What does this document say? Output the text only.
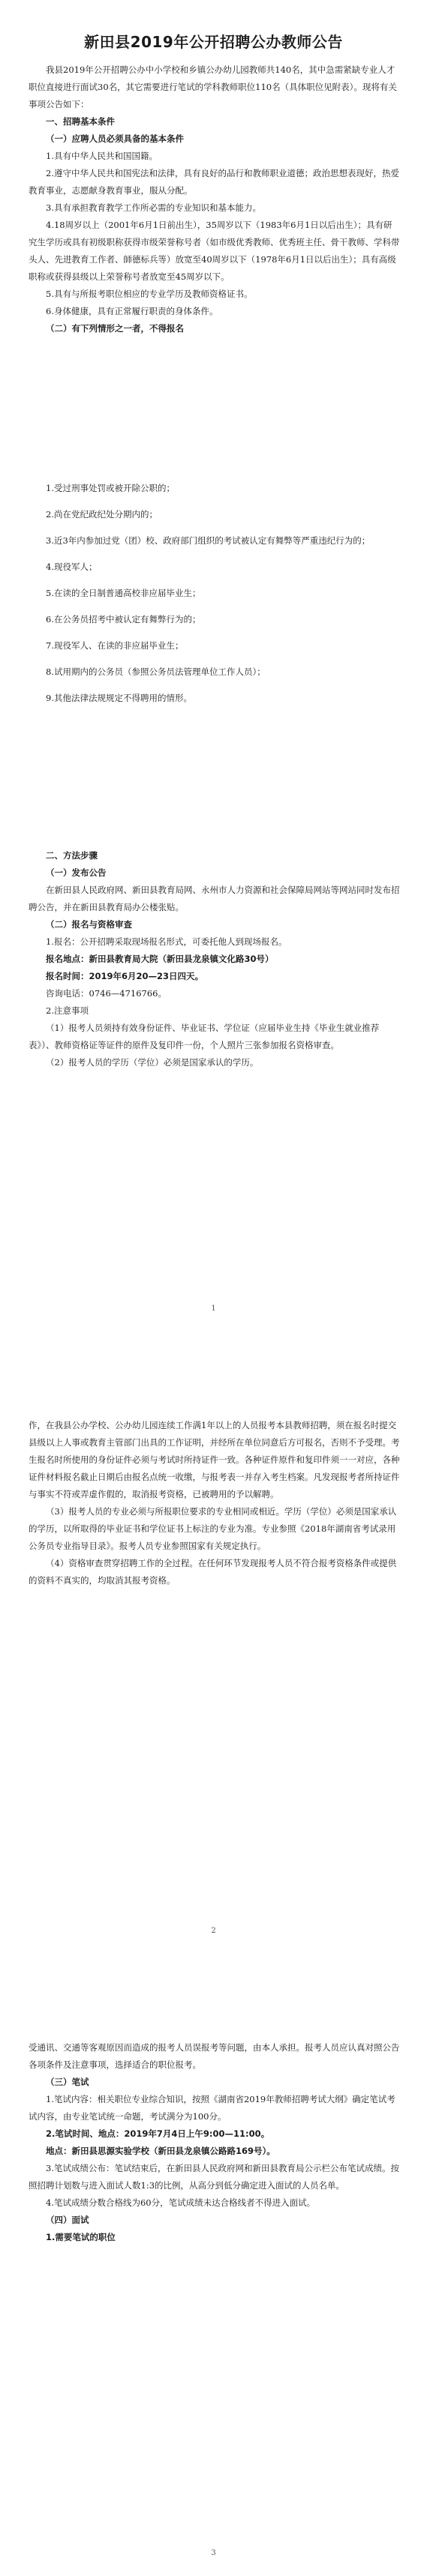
新田县2019年公开招聘公办教师公告

我县2019年公开招聘公办中小学校和乡镇公办幼儿园教师共140名，其中急需紧缺专业人才职位直接进行面试30名，其它需要进行笔试的学科教师职位110名（具体职位见附表）。现将有关事项公告如下：

一、招聘基本条件

（一）应聘人员必须具备的基本条件

1.具有中华人民共和国国籍。

2.遵守中华人民共和国宪法和法律，具有良好的品行和教师职业道德；政治思想表现好，热爱教育事业，志愿献身教育事业，服从分配。

3.具有承担教育教学工作所必需的专业知识和基本能力。

4.18周岁以上（2001年6月1日前出生），35周岁以下（1983年6月1日以后出生）；具有研究生学历或具有初级职称获得市级荣誉称号者（如市级优秀教师、优秀班主任、骨干教师、学科带头人、先进教育工作者、師德标兵等）放宽至40周岁以下（1978年6月1日以后出生）；具有高级职称或获得县级以上荣誉称号者放宽至45周岁以下。

5.具有与所报考职位相应的专业学历及教师资格证书。

6.身体健康，具有正常履行职责的身体条件。

（二）有下列情形之一者，不得报名

1.受过刑事处罚或被开除公职的；

2.尚在党纪政纪处分期内的；

3.近3年内参加过党（团）校、政府部门组织的考试被认定有舞弊等严重违纪行为的；

4.现役军人；

5.在读的全日制普通高校非应届毕业生；

6.在公务员招考中被认定有舞弊行为的；

7.现役军人、在读的非应届毕业生；

8.试用期内的公务员（参照公务员法管理单位工作人员）；

9.其他法律法规规定不得聘用的情形。

二、方法步骤

（一）发布公告

在新田县人民政府网、新田县教育局网、永州市人力资源和社会保障局网站等网站同时发布招聘公告，并在新田县教育局办公楼张贴。

（二）报名与资格审查

1.报名：公开招聘采取现场报名形式，可委托他人到现场报名。

报名地点：新田县教育局大院（新田县龙泉镇文化路30号）

报名时间：2019年6月20—23日四天。

咨询电话：0746—4716766。

2.注意事项

（1）报考人员须持有效身份证件、毕业证书、学位证（应届毕业生持《毕业生就业推荐表》）、教师资格证等证件的原件及复印件一份，个人照片三张参加报名资格审查。

（2）报考人员的学历（学位）必须是国家承认的学历。

1

作，在我县公办学校、公办幼儿园连续工作满1年以上的人员报考本县教师招聘，须在报名时提交县级以上人事或教育主管部门出具的工作证明，并经所在单位同意后方可报名，否则不予受理。考生报名时所使用的身份证件必须与考试时所持证件一致。各种证件原件和复印件须一一对应，各种证件材料报名截止日期后由报名点统一收缴，与报考表一并存入考生档案。凡发现报考者所持证件与事实不符或弄虚作假的，取消报考资格，已被聘用的予以解聘。

（3）报考人员的专业必须与所报职位要求的专业相同或相近。学历（学位）必须是国家承认的学历，以所取得的毕业证书和学位证书上标注的专业为准。专业参照《2018年湖南省考试录用公务员专业指导目录》。报考人员专业参照国家有关规定执行。

（4）资格审查贯穿招聘工作的全过程。在任何环节发现报考人员不符合报考资格条件或提供的资料不真实的，均取消其报考资格。

2

受通讯、交通等客观原因而造成的报考人员误报考等问题，由本人承担。报考人员应认真对照公告各项条件及注意事项，选择适合的职位报考。

（三）笔试

1.笔试内容：相关职位专业综合知识，按照《湖南省2019年教师招聘考试大纲》确定笔试考试内容，由专业笔试统一命题，考试满分为100分。

2.笔试时间、地点：2019年7月4日上午9:00—11:00。

地点：新田县思源实验学校（新田县龙泉镇公路路169号）。

3.笔试成绩公布：笔试结束后，在新田县人民政府网和新田县教育局公示栏公布笔试成绩。按照招聘计划数与进入面试人数1:3的比例，从高分到低分确定进入面试的人员名单。

4.笔试成绩分数合格线为60分，笔试成绩未达合格线者不得进入面试。

（四）面试

1.需要笔试的职位

3
